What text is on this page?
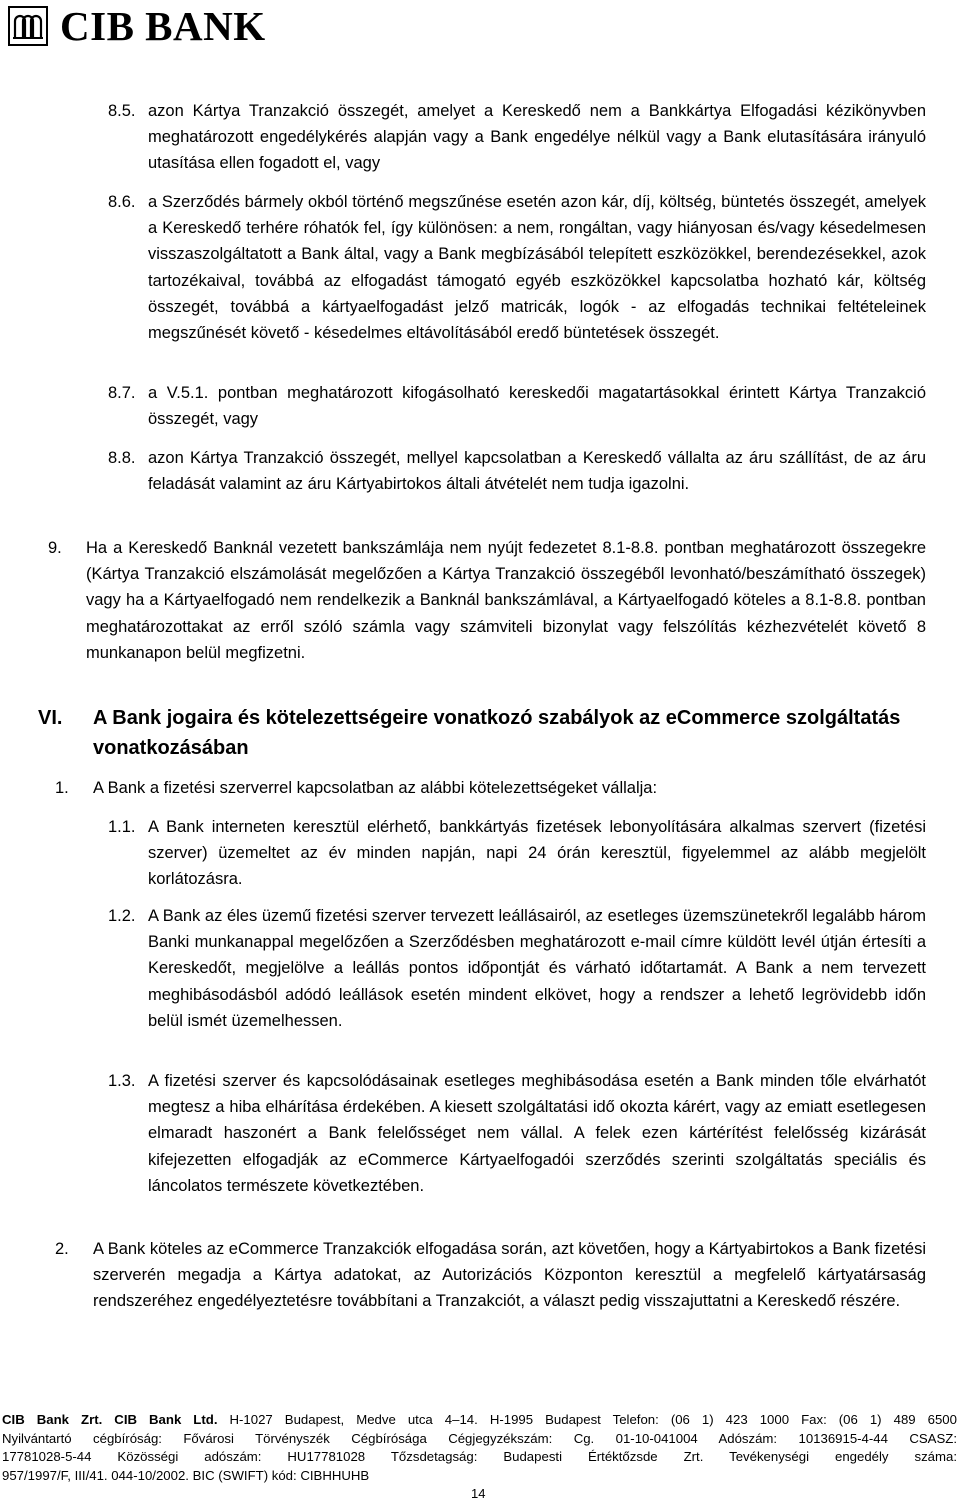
CIB BANK
8.5. azon Kártya Tranzakció összegét, amelyet a Kereskedő nem a Bankkártya Elfogadási kézikönyvben meghatározott engedélykérés alapján vagy a Bank engedélye nélkül vagy a Bank elutasítására irányuló utasítása ellen fogadott el, vagy
8.6. a Szerződés bármely okból történő megszűnése esetén azon kár, díj, költség, büntetés összegét, amelyek a Kereskedő terhére róhatók fel, így különösen: a nem, rongáltan, vagy hiányosan és/vagy késedelmesen visszaszolgáltatott a Bank által, vagy a Bank megbízásából telepített eszközökkel, berendezésekkel, azok tartozékaival, továbbá az elfogadást támogató egyéb eszközökkel kapcsolatba hozható kár, költség összegét, továbbá a kártyaelfogadást jelző matricák, logók - az elfogadás technikai feltételeinek megszűnését követő - késedelmes eltávolításából eredő büntetések összegét.
8.7. a V.5.1. pontban meghatározott kifogásolható kereskedői magatartásokkal érintett Kártya Tranzakció összegét, vagy
8.8. azon Kártya Tranzakció összegét, mellyel kapcsolatban a Kereskedő vállalta az áru szállítást, de az áru feladását valamint az áru Kártyabirtokos általi átvételét nem tudja igazolni.
9.	Ha a Kereskedő Banknál vezetett bankszámlája nem nyújt fedezetet 8.1-8.8. pontban meghatározott összegekre (Kártya Tranzakció elszámolását megelőzően a Kártya Tranzakció összegéből levonható/beszámítható összegek) vagy ha a Kártyaelfogadó nem rendelkezik a Banknál bankszámlával, a Kártyaelfogadó köteles a 8.1-8.8. pontban meghatározottakat az erről szóló számla vagy számviteli bizonylat vagy felszólítás kézhezvételét követő 8 munkanapon belül megfizetni.
VI.	A Bank jogaira és kötelezettségeire vonatkozó szabályok az eCommerce szolgáltatás vonatkozásában
1.	A Bank a fizetési szerverrel kapcsolatban az alábbi kötelezettségeket vállalja:
1.1. A Bank interneten keresztül elérhető, bankkártyás fizetések lebonyolítására alkalmas szervert (fizetési szerver) üzemeltet az év minden napján, napi 24 órán keresztül, figyelemmel az alább megjelölt korlátozásra.
1.2. A Bank az éles üzemű fizetési szerver tervezett leállásairól, az esetleges üzemszünetekről legalább három Banki munkanappal megelőzően a Szerződésben meghatározott e-mail címre küldött levél útján értesíti a Kereskedőt, megjelölve a leállás pontos időpontját és várható időtartamát. A Bank a nem tervezett meghibásodásból adódó leállások esetén mindent elkövet, hogy a rendszer a lehető legrövidebb időn belül ismét üzemelhessen.
1.3. A fizetési szerver és kapcsolódásainak esetleges meghibásodása esetén a Bank minden tőle elvárhatót megtesz a hiba elhárítása érdekében. A kiesett szolgáltatási idő okozta kárért, vagy az emiatt esetlegesen elmaradt haszonért a Bank felelősséget nem vállal. A felek ezen kártérítést felelősség kizárását kifejezetten elfogadják az eCommerce Kártyaelfogadói szerződés szerinti szolgáltatás speciális és láncolatos természete következtében.
2.	A Bank köteles az eCommerce Tranzakciók elfogadása során, azt követően, hogy a Kártyabirtokos a Bank fizetési szerverén megadja a Kártya adatokat, az Autorizációs Központon keresztül a megfelelő kártyatársaság rendszeréhez engedélyeztetésre továbbítani a Tranzakciót, a választ pedig visszajuttatni a Kereskedő részére.

CIB Bank Zrt. CIB Bank Ltd. H-1027 Budapest, Medve utca 4–14. H-1995 Budapest Telefon: (06 1) 423 1000 Fax: (06 1) 489 6500

Nyilvántartó cégbíróság: Fővárosi Törvényszék Cégbírósága Cégjegyzékszám: Cg. 01-10-041004 Adószám: 10136915-4-44 CSASZ:

17781028-5-44 Közösségi adószám: HU17781028 Tőzsdetagság: Budapesti Értéktőzsde Zrt. Tevékenységi engedély száma:

957/1997/F, III/41. 044-10/2002. BIC (SWIFT) kód: CIBHHUHB

14
